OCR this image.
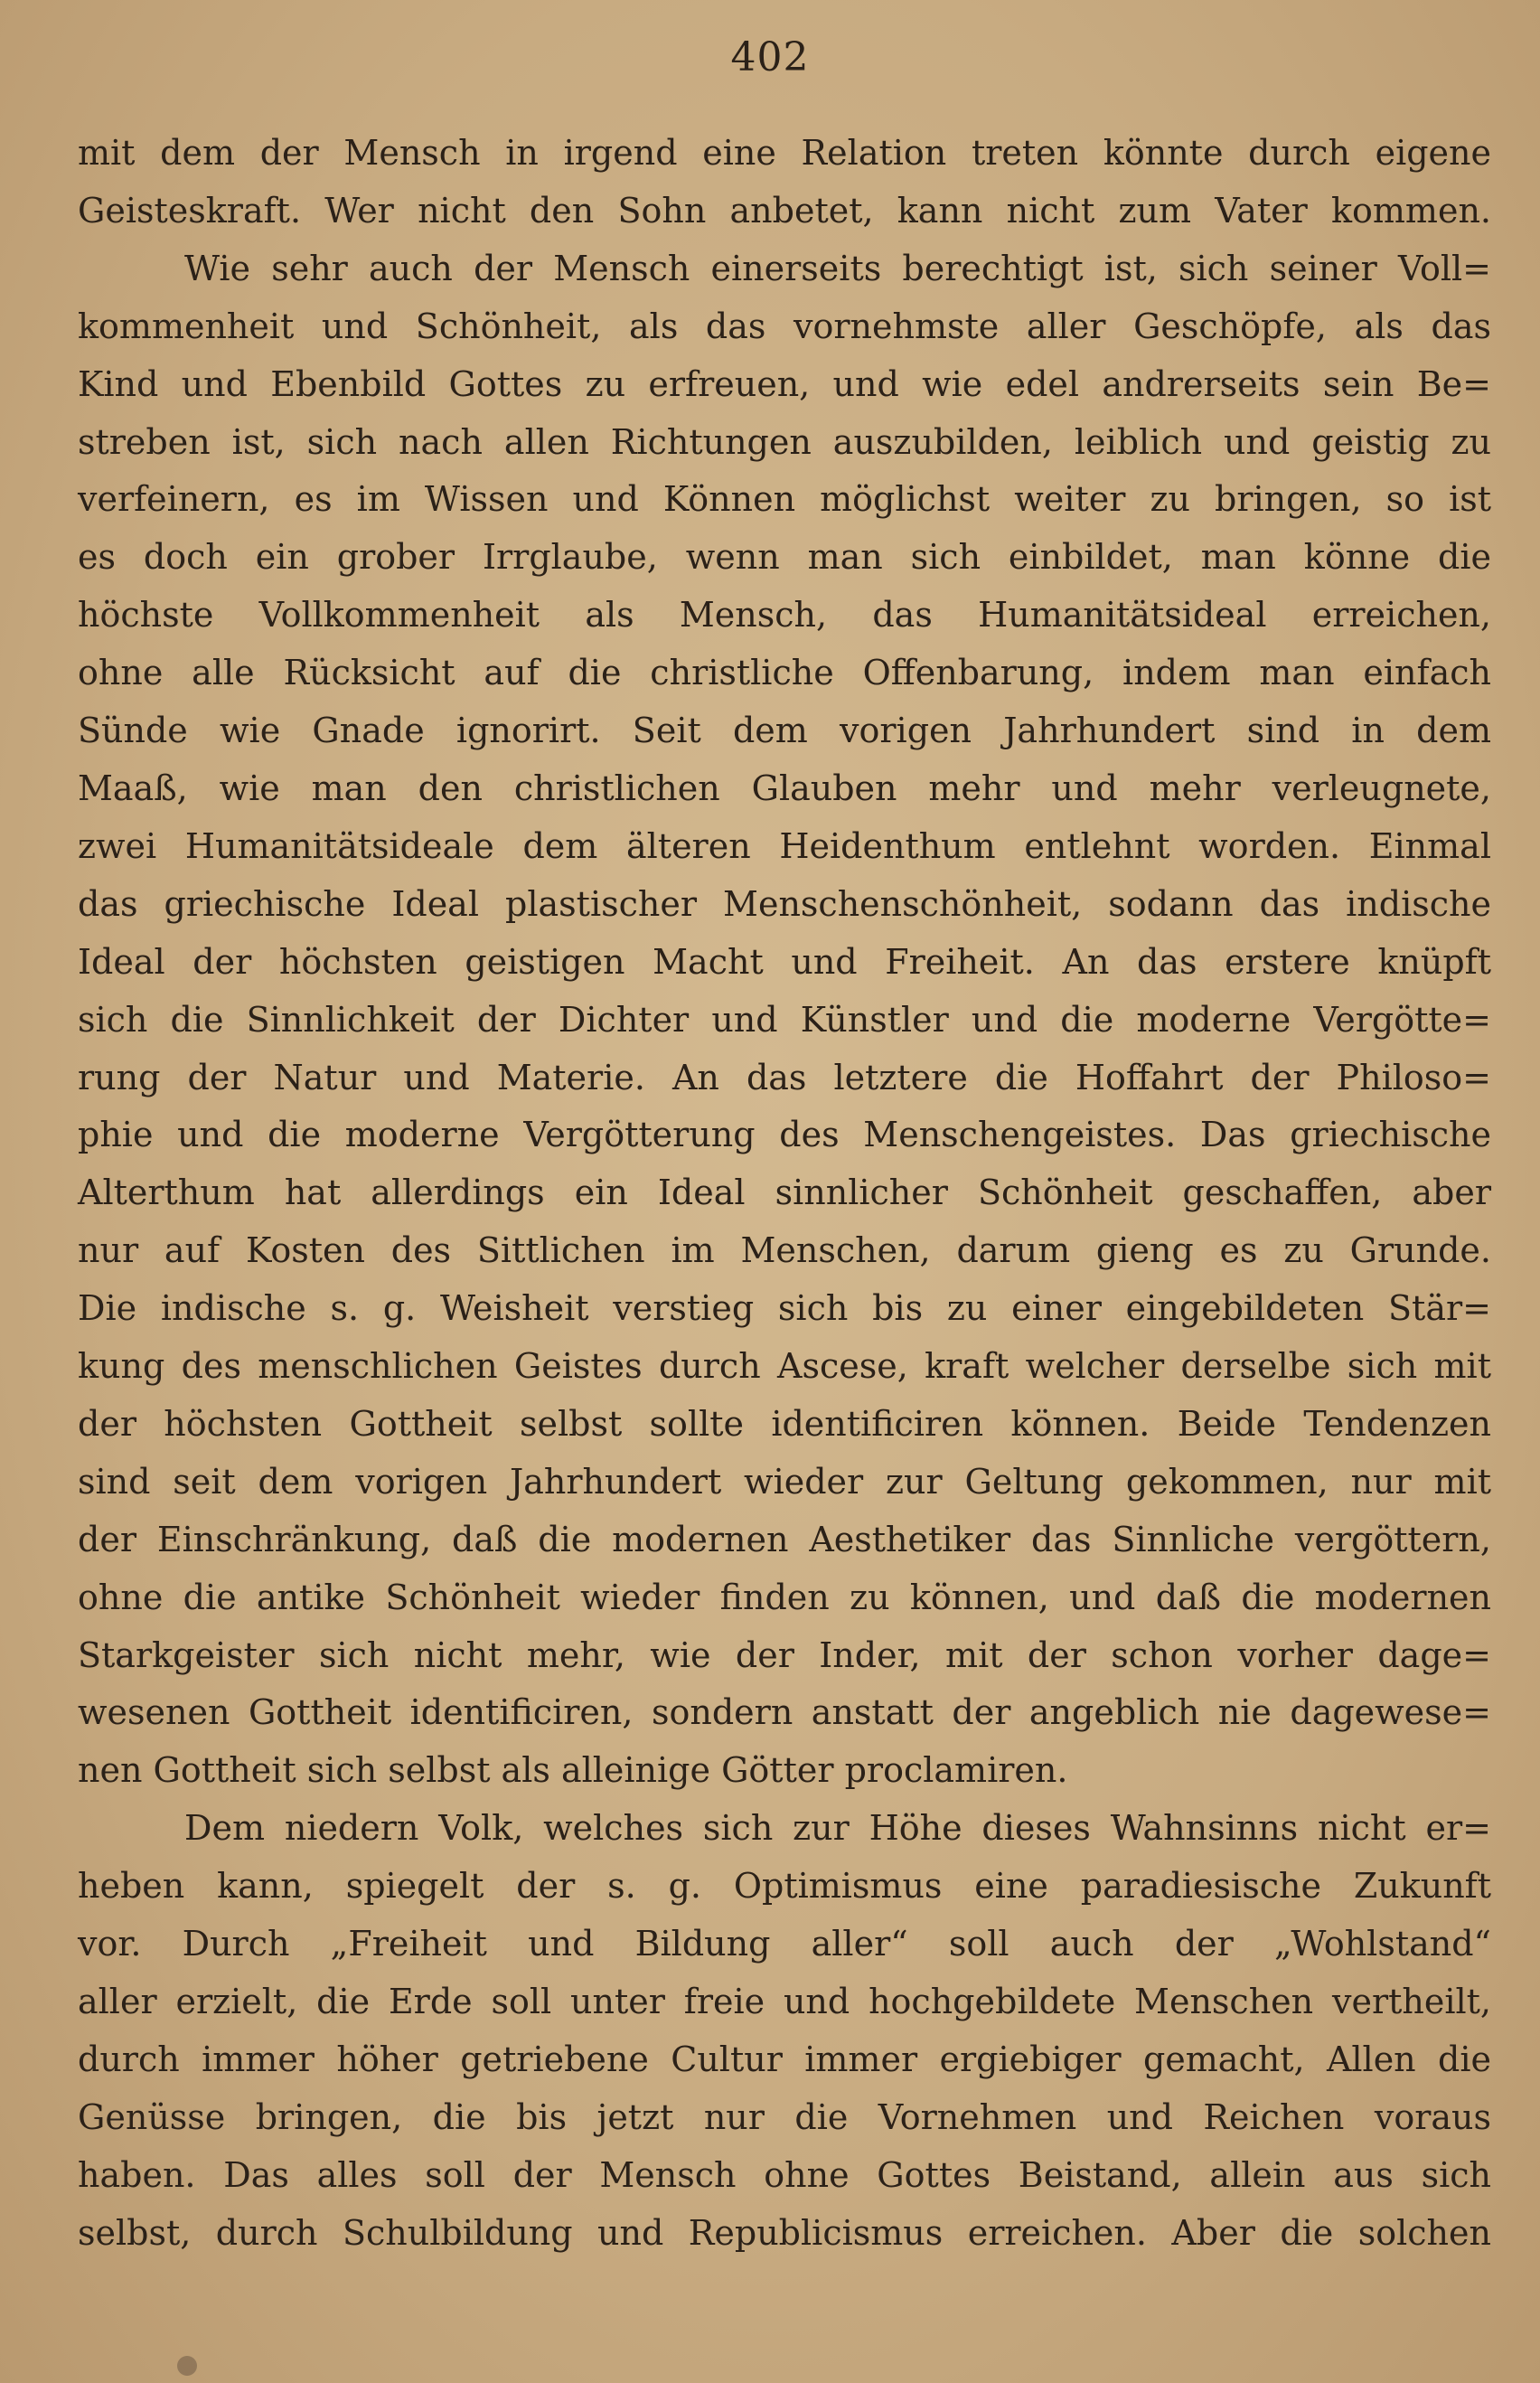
402

mit dem der Mensch in irgend eine Relation treten könnte durch eigene

Geisteskraft. Wer nicht den Sohn anbetet, kann nicht zum Vater kommen.

Wie sehr auch der Mensch einerseits berechtigt ist, sich seiner Voll=

kommenheit und Schönheit, als das vornehmste aller Geschöpfe, als das

Kind und Ebenbild Gottes zu erfreuen, und wie edel andrerseits sein Be=

streben ist, sich nach allen Richtungen auszubilden, leiblich und geistig zu

verfeinern, es im Wissen und Können möglichst weiter zu bringen, so ist

es doch ein grober Irrglaube, wenn man sich einbildet, man könne die

höchste Vollkommenheit als Mensch, das Humanitätsideal erreichen,

ohne alle Rücksicht auf die christliche Offenbarung, indem man einfach

Sünde wie Gnade ignorirt. Seit dem vorigen Jahrhundert sind in dem

Maaß, wie man den christlichen Glauben mehr und mehr verleugnete,

zwei Humanitätsideale dem älteren Heidenthum entlehnt worden. Einmal

das griechische Ideal plastischer Menschenschönheit, sodann das indische

Ideal der höchsten geistigen Macht und Freiheit. An das erstere knüpft

sich die Sinnlichkeit der Dichter und Künstler und die moderne Vergötte=

rung der Natur und Materie. An das letztere die Hoffahrt der Philoso=

phie und die moderne Vergötterung des Menschengeistes. Das griechische

Alterthum hat allerdings ein Ideal sinnlicher Schönheit geschaffen, aber

nur auf Kosten des Sittlichen im Menschen, darum gieng es zu Grunde.

Die indische s. g. Weisheit verstieg sich bis zu einer eingebildeten Stär=

kung des menschlichen Geistes durch Ascese, kraft welcher derselbe sich mit

der höchsten Gottheit selbst sollte identificiren können. Beide Tendenzen

sind seit dem vorigen Jahrhundert wieder zur Geltung gekommen, nur mit

der Einschränkung, daß die modernen Aesthetiker das Sinnliche vergöttern,

ohne die antike Schönheit wieder finden zu können, und daß die modernen

Starkgeister sich nicht mehr, wie der Inder, mit der schon vorher dage=

wesenen Gottheit identificiren, sondern anstatt der angeblich nie dagewese=

nen Gottheit sich selbst als alleinige Götter proclamiren.

Dem niedern Volk, welches sich zur Höhe dieses Wahnsinns nicht er=

heben kann, spiegelt der s. g. Optimismus eine paradiesische Zukunft

vor. Durch „Freiheit und Bildung aller“ soll auch der „Wohlstand“

aller erzielt, die Erde soll unter freie und hochgebildete Menschen vertheilt,

durch immer höher getriebene Cultur immer ergiebiger gemacht, Allen die

Genüsse bringen, die bis jetzt nur die Vornehmen und Reichen voraus

haben. Das alles soll der Mensch ohne Gottes Beistand, allein aus sich

selbst, durch Schulbildung und Republicismus erreichen. Aber die solchen
